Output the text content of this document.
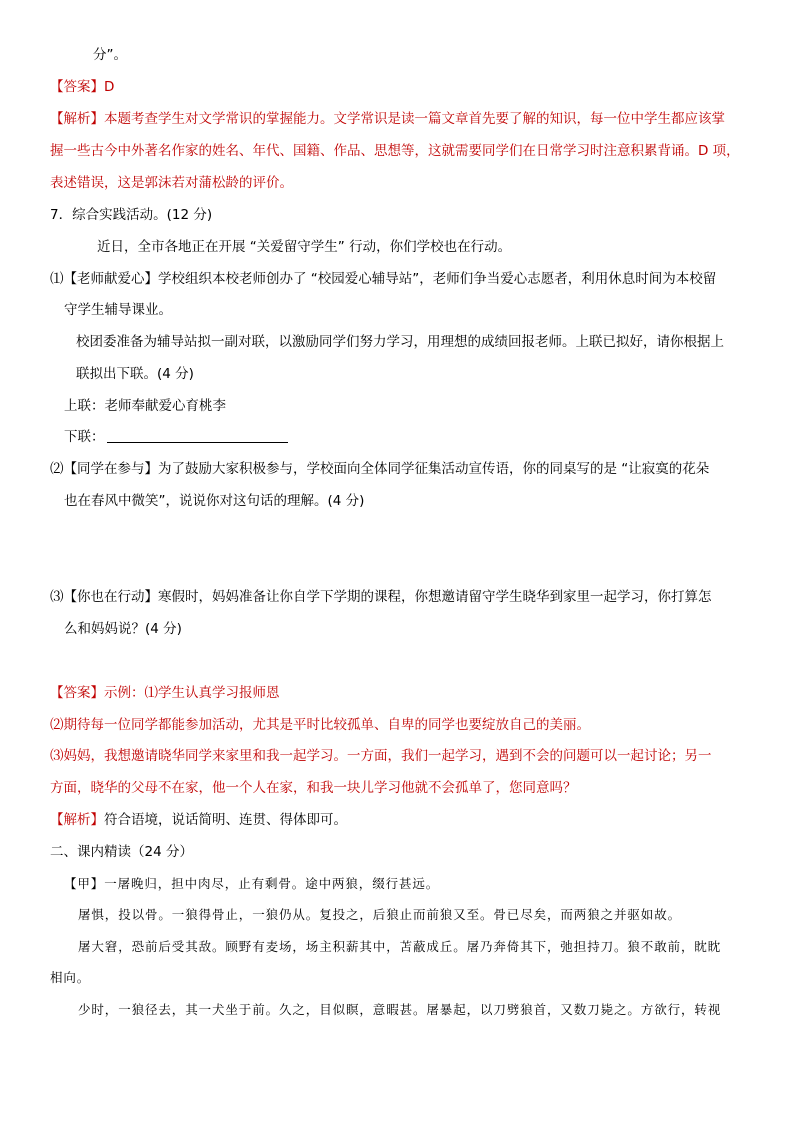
分”。
【答案】D
【解析】本题考查学生对文学常识的掌握能力。文学常识是读一篇文章首先要了解的知识，每一位中学生都应该掌
握一些古今中外著名作家的姓名、年代、国籍、作品、思想等，这就需要同学们在日常学习时注意积累背诵。D 项，
表述错误，这是郭沫若对蒲松龄的评价。
7．综合实践活动。(12 分)
近日，全市各地正在开展 “关爱留守学生” 行动，你们学校也在行动。
⑴【老师献爱心】学校组织本校老师创办了 “校园爱心辅导站”，老师们争当爱心志愿者，利用休息时间为本校留
守学生辅导课业。
校团委准备为辅导站拟一副对联，以激励同学们努力学习，用理想的成绩回报老师。上联已拟好，请你根据上
联拟出下联。(4 分)
上联：老师奉献爱心育桃李
下联：
⑵【同学在参与】为了鼓励大家积极参与，学校面向全体同学征集活动宣传语，你的同桌写的是 “让寂寞的花朵
也在春风中微笑”，说说你对这句话的理解。(4 分)
⑶【你也在行动】寒假时，妈妈准备让你自学下学期的课程，你想邀请留守学生晓华到家里一起学习，你打算怎
么和妈妈说？(4 分)
【答案】示例：⑴学生认真学习报师恩
⑵期待每一位同学都能参加活动，尤其是平时比较孤单、自卑的同学也要绽放自己的美丽。
⑶妈妈，我想邀请晓华同学来家里和我一起学习。一方面，我们一起学习，遇到不会的问题可以一起讨论；另一
方面，晓华的父母不在家，他一个人在家，和我一块儿学习他就不会孤单了，您同意吗？
【解析】符合语境，说话简明、连贯、得体即可。
二、课内精读（24 分）
【甲】一屠晚归，担中肉尽，止有剩骨。途中两狼，缀行甚远。
屠惧，投以骨。一狼得骨止，一狼仍从。复投之，后狼止而前狼又至。骨已尽矣，而两狼之并驱如故。
屠大窘，恐前后受其敌。顾野有麦场，场主积薪其中，苫蔽成丘。屠乃奔倚其下，弛担持刀。狼不敢前，眈眈
相向。
少时，一狼径去，其一犬坐于前。久之，目似瞑，意暇甚。屠暴起，以刀劈狼首，又数刀毙之。方欲行，转视
